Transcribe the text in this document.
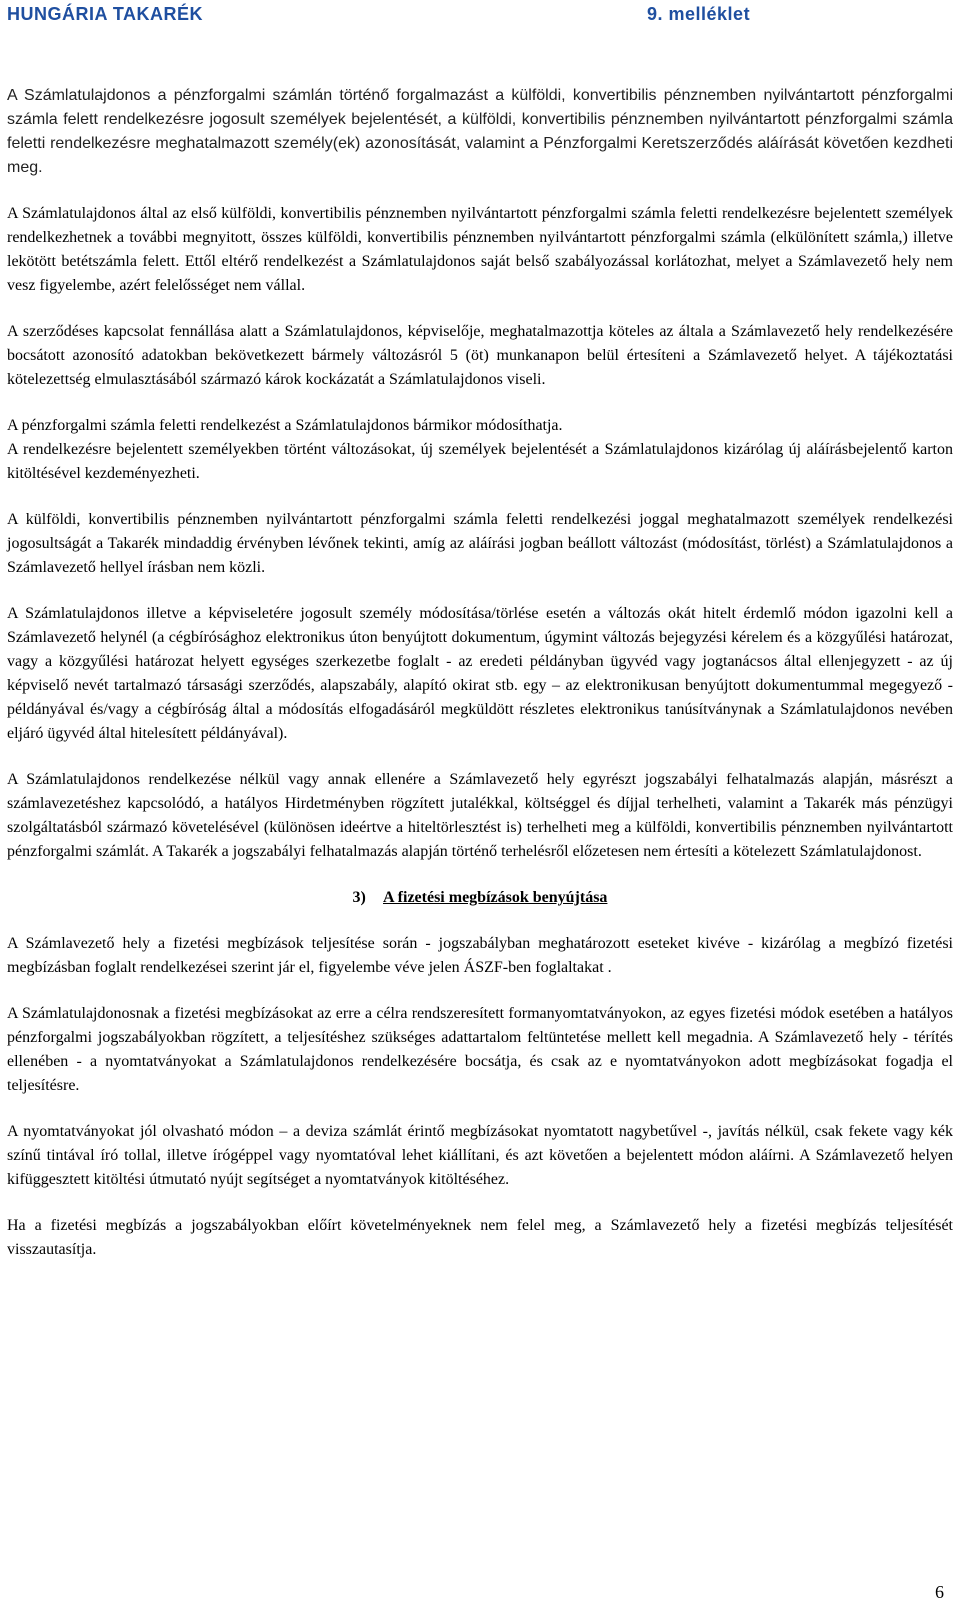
HUNGÁRIA TAKARÉK	9. melléklet

A Számlatulajdonos a pénzforgalmi számlán történő forgalmazást a külföldi, konvertibilis pénznemben nyilvántartott pénzforgalmi számla felett rendelkezésre jogosult személyek bejelentését, a külföldi, konvertibilis pénznemben nyilvántartott pénzforgalmi számla feletti rendelkezésre meghatalmazott személy(ek) azonosítását, valamint a Pénzforgalmi Keretszerződés aláírását követően kezdheti meg.

A Számlatulajdonos által az első külföldi, konvertibilis pénznemben nyilvántartott pénzforgalmi számla feletti rendelkezésre bejelentett személyek rendelkezhetnek a további megnyitott, összes külföldi, konvertibilis pénznemben nyilvántartott pénzforgalmi számla (elkülönített számla,) illetve lekötött betétszámla felett. Ettől eltérő rendelkezést a Számlatulajdonos saját belső szabályozással korlátozhat, melyet a Számlavezető hely nem vesz figyelembe, azért felelősséget nem vállal.

A szerződéses kapcsolat fennállása alatt a Számlatulajdonos, képviselője, meghatalmazottja köteles az általa a Számlavezető hely rendelkezésére bocsátott azonosító adatokban bekövetkezett bármely változásról 5 (öt) munkanapon belül értesíteni a Számlavezető helyet. A tájékoztatási kötelezettség elmulasztásából származó károk kockázatát a Számlatulajdonos viseli.

A pénzforgalmi számla feletti rendelkezést a Számlatulajdonos bármikor módosíthatja.

A rendelkezésre bejelentett személyekben történt változásokat, új személyek bejelentését a Számlatulajdonos kizárólag új aláírásbejelentő karton kitöltésével kezdeményezheti.

A külföldi, konvertibilis pénznemben nyilvántartott pénzforgalmi számla feletti rendelkezési joggal meghatalmazott személyek rendelkezési jogosultságát a Takarék mindaddig érvényben lévőnek tekinti, amíg az aláírási jogban beállott változást (módosítást, törlést) a Számlatulajdonos a Számlavezető hellyel írásban nem közli.

A Számlatulajdonos illetve a képviseletére jogosult személy módosítása/törlése esetén a változás okát hitelt érdemlő módon igazolni kell a Számlavezető helynél (a cégbírósághoz elektronikus úton benyújtott dokumentum, úgymint változás bejegyzési kérelem és a közgyűlési határozat, vagy a közgyűlési határozat helyett egységes szerkezetbe foglalt - az eredeti példányban ügyvéd vagy jogtanácsos által ellenjegyzett - az új képviselő nevét tartalmazó társasági szerződés, alapszabály, alapító okirat stb. egy – az elektronikusan benyújtott dokumentummal megegyező - példányával és/vagy a cégbíróság által a módosítás elfogadásáról megküldött részletes elektronikus tanúsítványnak a Számlatulajdonos nevében eljáró ügyvéd által hitelesített példányával).

A Számlatulajdonos rendelkezése nélkül vagy annak ellenére a Számlavezető hely egyrészt jogszabályi felhatalmazás alapján, másrészt a számlavezetéshez kapcsolódó, a hatályos Hirdetményben rögzített jutalékkal, költséggel és díjjal terhelheti, valamint a Takarék más pénzügyi szolgáltatásból származó követelésével (különösen ideértve a hiteltörlesztést is) terhelheti meg a külföldi, konvertibilis pénznemben nyilvántartott pénzforgalmi számlát. A Takarék a jogszabályi felhatalmazás alapján történő terhelésről előzetesen nem értesíti a kötelezett Számlatulajdonost.

3) A fizetési megbízások benyújtása

A Számlavezető hely a fizetési megbízások teljesítése során - jogszabályban meghatározott eseteket kivéve - kizárólag a megbízó fizetési megbízásban foglalt rendelkezései szerint jár el, figyelembe véve jelen ÁSZF-ben foglaltakat .

A Számlatulajdonosnak a fizetési megbízásokat az erre a célra rendszeresített formanyomtatványokon, az egyes fizetési módok esetében a hatályos pénzforgalmi jogszabályokban rögzített, a teljesítéshez szükséges adattartalom feltüntetése mellett kell megadnia. A Számlavezető hely - térítés ellenében - a nyomtatványokat a Számlatulajdonos rendelkezésére bocsátja, és csak az e nyomtatványokon adott megbízásokat fogadja el teljesítésre.

A nyomtatványokat jól olvasható módon – a deviza számlát érintő megbízásokat nyomtatott nagybetűvel -, javítás nélkül, csak fekete vagy kék színű tintával író tollal, illetve írógéppel vagy nyomtatóval lehet kiállítani, és azt követően a bejelentett módon aláírni. A Számlavezető helyen kifüggesztett kitöltési útmutató nyújt segítséget a nyomtatványok kitöltéséhez.

Ha a fizetési megbízás a jogszabályokban előírt követelményeknek nem felel meg, a Számlavezető hely a fizetési megbízás teljesítését visszautasítja.

6
